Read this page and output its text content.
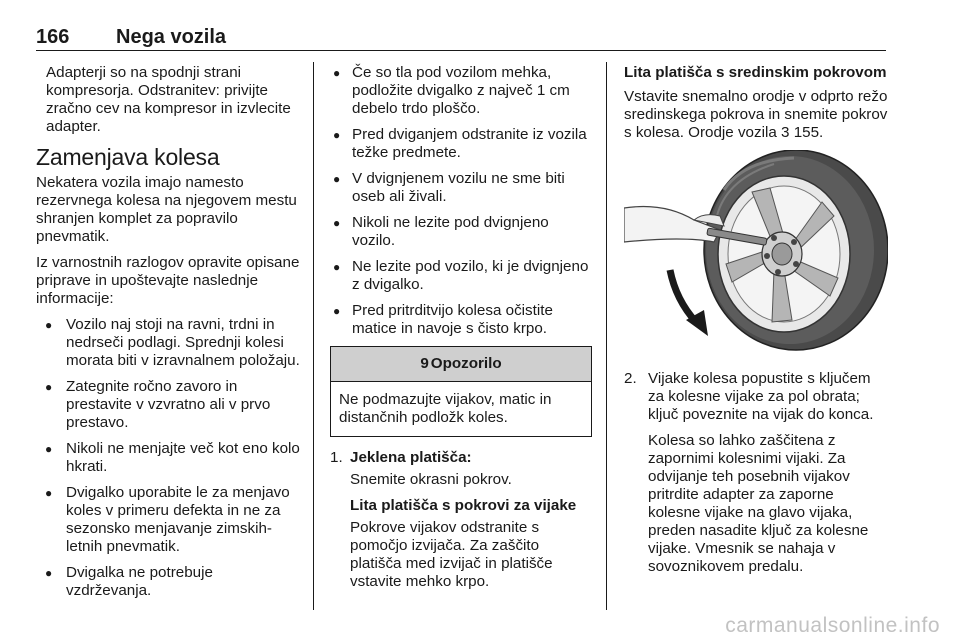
166 Nega vozila

Adapterji so na spodnji strani kompresorja. Odstranitev: privijte zračno cev na kompresor in izvlecite adapter.

Zamenjava kolesa

Nekatera vozila imajo namesto rezervnega kolesa na njegovem mestu shranjen komplet za popravilo pnevmatik.

Iz varnostnih razlogov opravite opisane priprave in upoštevajte naslednje informacije:

● Vozilo naj stoji na ravni, trdni in nedrseči podlagi. Sprednji kolesi morata biti v izravnalnem položaju.
● Zategnite ročno zavoro in prestavite v vzvratno ali v prvo prestavo.
● Nikoli ne menjajte več kot eno kolo hkrati.
● Dvigalko uporabite le za menjavo koles v primeru defekta in ne za sezonsko menjavanje zimskih-letnih pnevmatik.
● Dvigalka ne potrebuje vzdrževanja.
● Če so tla pod vozilom mehka, podložite dvigalko z največ 1 cm debelo trdo ploščo.
● Pred dviganjem odstranite iz vozila težke predmete.
● V dvignjenem vozilu ne sme biti oseb ali živali.
● Nikoli ne lezite pod dvignjeno vozilo.
● Ne lezite pod vozilo, ki je dvignjeno z dvigalko.
● Pred pritrditvijo kolesa očistite matice in navoje s čisto krpo.
9 Opozorilo
Ne podmazujte vijakov, matic in distančnih podložk koles.
1. Jeklena platišča:

Snemite okrasni pokrov.

Lita platišča s pokrovi za vijake

Pokrove vijakov odstranite s pomočjo izvijača. Za zaščito platišča med izvijač in platišče vstavite mehko krpo.

Lita platišča s sredinskim pokrovom

Vstavite snemalno orodje v odprto režo sredinskega pokrova in snemite pokrov s kolesa. Orodje vozila 3 155.

2. Vijake kolesa popustite s ključem za kolesne vijake za pol obrata; ključ poveznite na vijak do konca.

Kolesa so lahko zaščitena z zapornimi kolesnimi vijaki. Za odvijanje teh posebnih vijakov pritrdite adapter za zaporne kolesne vijake na glavo vijaka, preden nasadite ključ za kolesne vijake. Vmesnik se nahaja v sovoznikovem predalu.

carmanualsonline.info
